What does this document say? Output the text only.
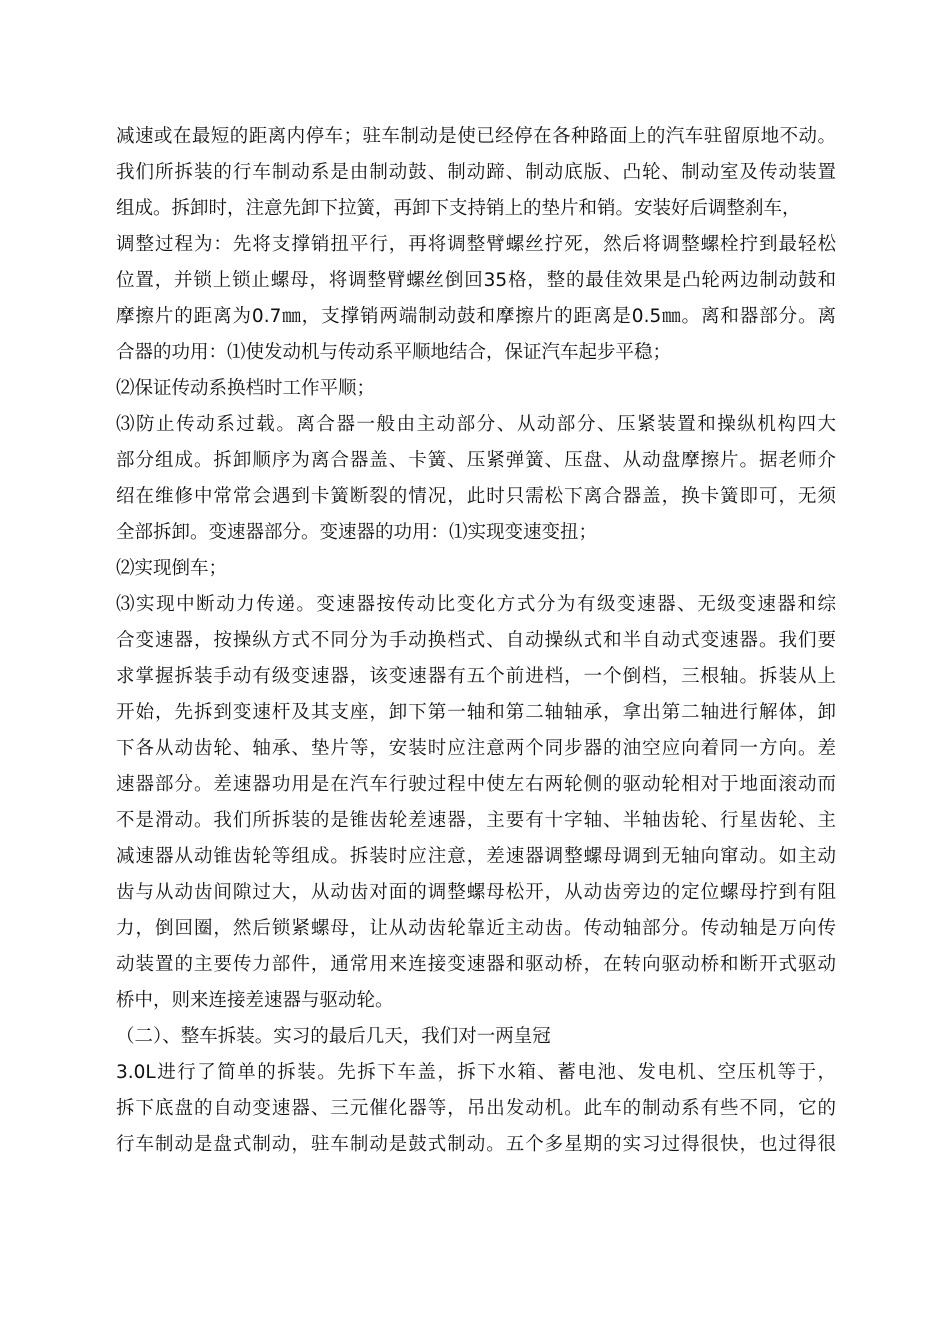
减速或在最短的距离内停车；驻车制动是使已经停在各种路面上的汽车驻留原地不动。
我们所拆装的行车制动系是由制动鼓、制动蹄、制动底版、凸轮、制动室及传动装置
组成。拆卸时，注意先卸下拉簧，再卸下支持销上的垫片和销。安装好后调整刹车，
调整过程为：先将支撑销扭平行，再将调整臂螺丝拧死，然后将调整螺栓拧到最轻松
位置，并锁上锁止螺母，将调整臂螺丝倒回35格，整的最佳效果是凸轮两边制动鼓和
摩擦片的距离为0.7㎜，支撑销两端制动鼓和摩擦片的距离是0.5㎜。离和器部分。离
合器的功用：⑴使发动机与传动系平顺地结合，保证汽车起步平稳；
⑵保证传动系换档时工作平顺；
⑶防止传动系过载。离合器一般由主动部分、从动部分、压紧装置和操纵机构四大
部分组成。拆卸顺序为离合器盖、卡簧、压紧弹簧、压盘、从动盘摩擦片。据老师介
绍在维修中常常会遇到卡簧断裂的情况，此时只需松下离合器盖，换卡簧即可，无须
全部拆卸。变速器部分。变速器的功用：⑴实现变速变扭；
⑵实现倒车；
⑶实现中断动力传递。变速器按传动比变化方式分为有级变速器、无级变速器和综
合变速器，按操纵方式不同分为手动换档式、自动操纵式和半自动式变速器。我们要
求掌握拆装手动有级变速器，该变速器有五个前进档，一个倒档，三根轴。拆装从上
开始，先拆到变速杆及其支座，卸下第一轴和第二轴轴承，拿出第二轴进行解体，卸
下各从动齿轮、轴承、垫片等，安装时应注意两个同步器的油空应向着同一方向。差
速器部分。差速器功用是在汽车行驶过程中使左右两轮侧的驱动轮相对于地面滚动而
不是滑动。我们所拆装的是锥齿轮差速器，主要有十字轴、半轴齿轮、行星齿轮、主
减速器从动锥齿轮等组成。拆装时应注意，差速器调整螺母调到无轴向窜动。如主动
齿与从动齿间隙过大，从动齿对面的调整螺母松开，从动齿旁边的定位螺母拧到有阻
力，倒回圈，然后锁紧螺母，让从动齿轮靠近主动齿。传动轴部分。传动轴是万向传
动装置的主要传力部件，通常用来连接变速器和驱动桥，在转向驱动桥和断开式驱动
桥中，则来连接差速器与驱动轮。
（二）、整车拆装。实习的最后几天，我们对一两皇冠
3.0L进行了简单的拆装。先拆下车盖，拆下水箱、蓄电池、发电机、空压机等于，
拆下底盘的自动变速器、三元催化器等，吊出发动机。此车的制动系有些不同，它的
行车制动是盘式制动，驻车制动是鼓式制动。五个多星期的实习过得很快，也过得很
